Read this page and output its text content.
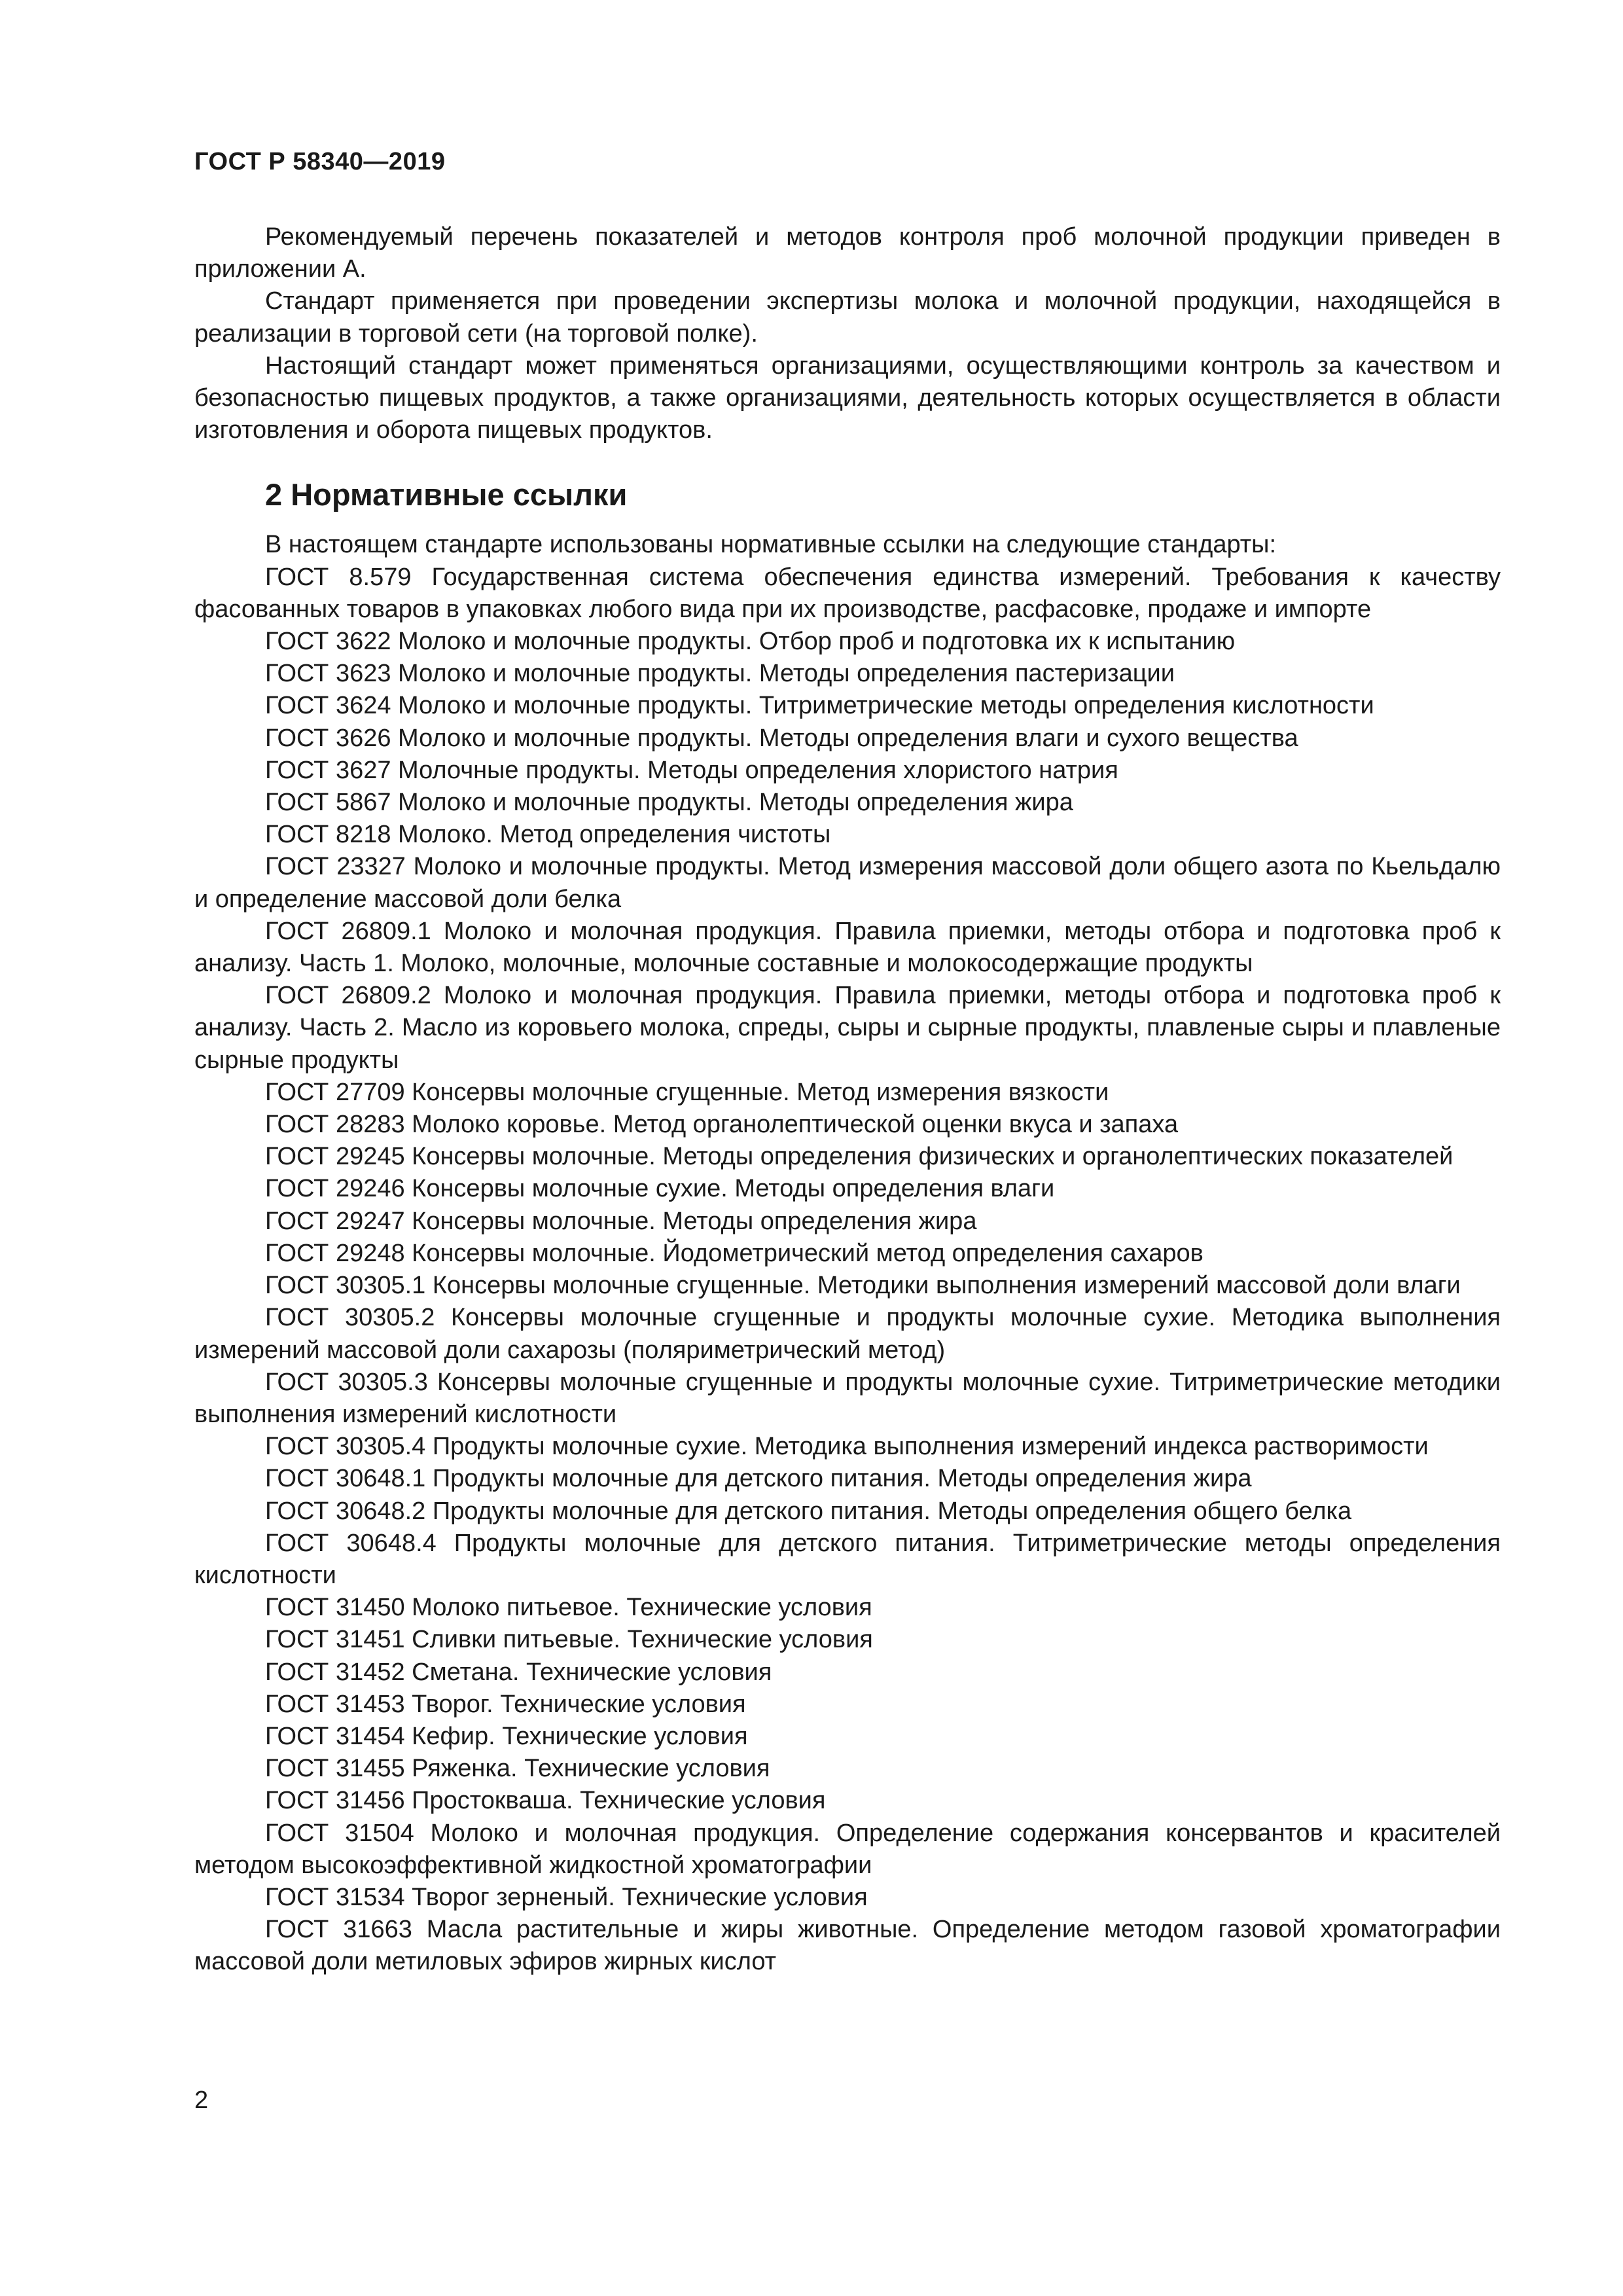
ГОСТ Р 58340—2019

Рекомендуемый перечень показателей и методов контроля проб молочной продукции приведен в приложении А.

Стандарт применяется при проведении экспертизы молока и молочной продукции, находящейся в реализации в торговой сети (на торговой полке).

Настоящий стандарт может применяться организациями, осуществляющими контроль за качеством и безопасностью пищевых продуктов, а также организациями, деятельность которых осуществляется в области изготовления и оборота пищевых продуктов.

2 Нормативные ссылки

В настоящем стандарте использованы нормативные ссылки на следующие стандарты:

ГОСТ 8.579 Государственная система обеспечения единства измерений. Требования к качеству фасованных товаров в упаковках любого вида при их производстве, расфасовке, продаже и импорте

ГОСТ 3622 Молоко и молочные продукты. Отбор проб и подготовка их к испытанию

ГОСТ 3623 Молоко и молочные продукты. Методы определения пастеризации

ГОСТ 3624 Молоко и молочные продукты. Титриметрические методы определения кислотности

ГОСТ 3626 Молоко и молочные продукты. Методы определения влаги и сухого вещества

ГОСТ 3627 Молочные продукты. Методы определения хлористого натрия

ГОСТ 5867 Молоко и молочные продукты. Методы определения жира

ГОСТ 8218 Молоко. Метод определения чистоты

ГОСТ 23327 Молоко и молочные продукты. Метод измерения массовой доли общего азота по Кьельдалю и определение массовой доли белка

ГОСТ 26809.1 Молоко и молочная продукция. Правила приемки, методы отбора и подготовка проб к анализу. Часть 1. Молоко, молочные, молочные составные и молокосодержащие продукты

ГОСТ 26809.2 Молоко и молочная продукция. Правила приемки, методы отбора и подготовка проб к анализу. Часть 2. Масло из коровьего молока, спреды, сыры и сырные продукты, плавленые сыры и плавленые сырные продукты

ГОСТ 27709 Консервы молочные сгущенные. Метод измерения вязкости

ГОСТ 28283 Молоко коровье. Метод органолептической оценки вкуса и запаха

ГОСТ 29245 Консервы молочные. Методы определения физических и органолептических показателей

ГОСТ 29246 Консервы молочные сухие. Методы определения влаги

ГОСТ 29247 Консервы молочные. Методы определения жира

ГОСТ 29248 Консервы молочные. Йодометрический метод определения сахаров

ГОСТ 30305.1 Консервы молочные сгущенные. Методики выполнения измерений массовой доли влаги

ГОСТ 30305.2 Консервы молочные сгущенные и продукты молочные сухие. Методика выполнения измерений массовой доли сахарозы (поляриметрический метод)

ГОСТ 30305.3 Консервы молочные сгущенные и продукты молочные сухие. Титриметрические методики выполнения измерений кислотности

ГОСТ 30305.4 Продукты молочные сухие. Методика выполнения измерений индекса растворимости

ГОСТ 30648.1 Продукты молочные для детского питания. Методы определения жира

ГОСТ 30648.2 Продукты молочные для детского питания. Методы определения общего белка

ГОСТ 30648.4 Продукты молочные для детского питания. Титриметрические методы определения кислотности

ГОСТ 31450 Молоко питьевое. Технические условия

ГОСТ 31451 Сливки питьевые. Технические условия

ГОСТ 31452 Сметана. Технические условия

ГОСТ 31453 Творог. Технические условия

ГОСТ 31454 Кефир. Технические условия

ГОСТ 31455 Ряженка. Технические условия

ГОСТ 31456 Простокваша. Технические условия

ГОСТ 31504 Молоко и молочная продукция. Определение содержания консервантов и красителей методом высокоэффективной жидкостной хроматографии

ГОСТ 31534 Творог зерненый. Технические условия

ГОСТ 31663 Масла растительные и жиры животные. Определение методом газовой хроматографии массовой доли метиловых эфиров жирных кислот

2
